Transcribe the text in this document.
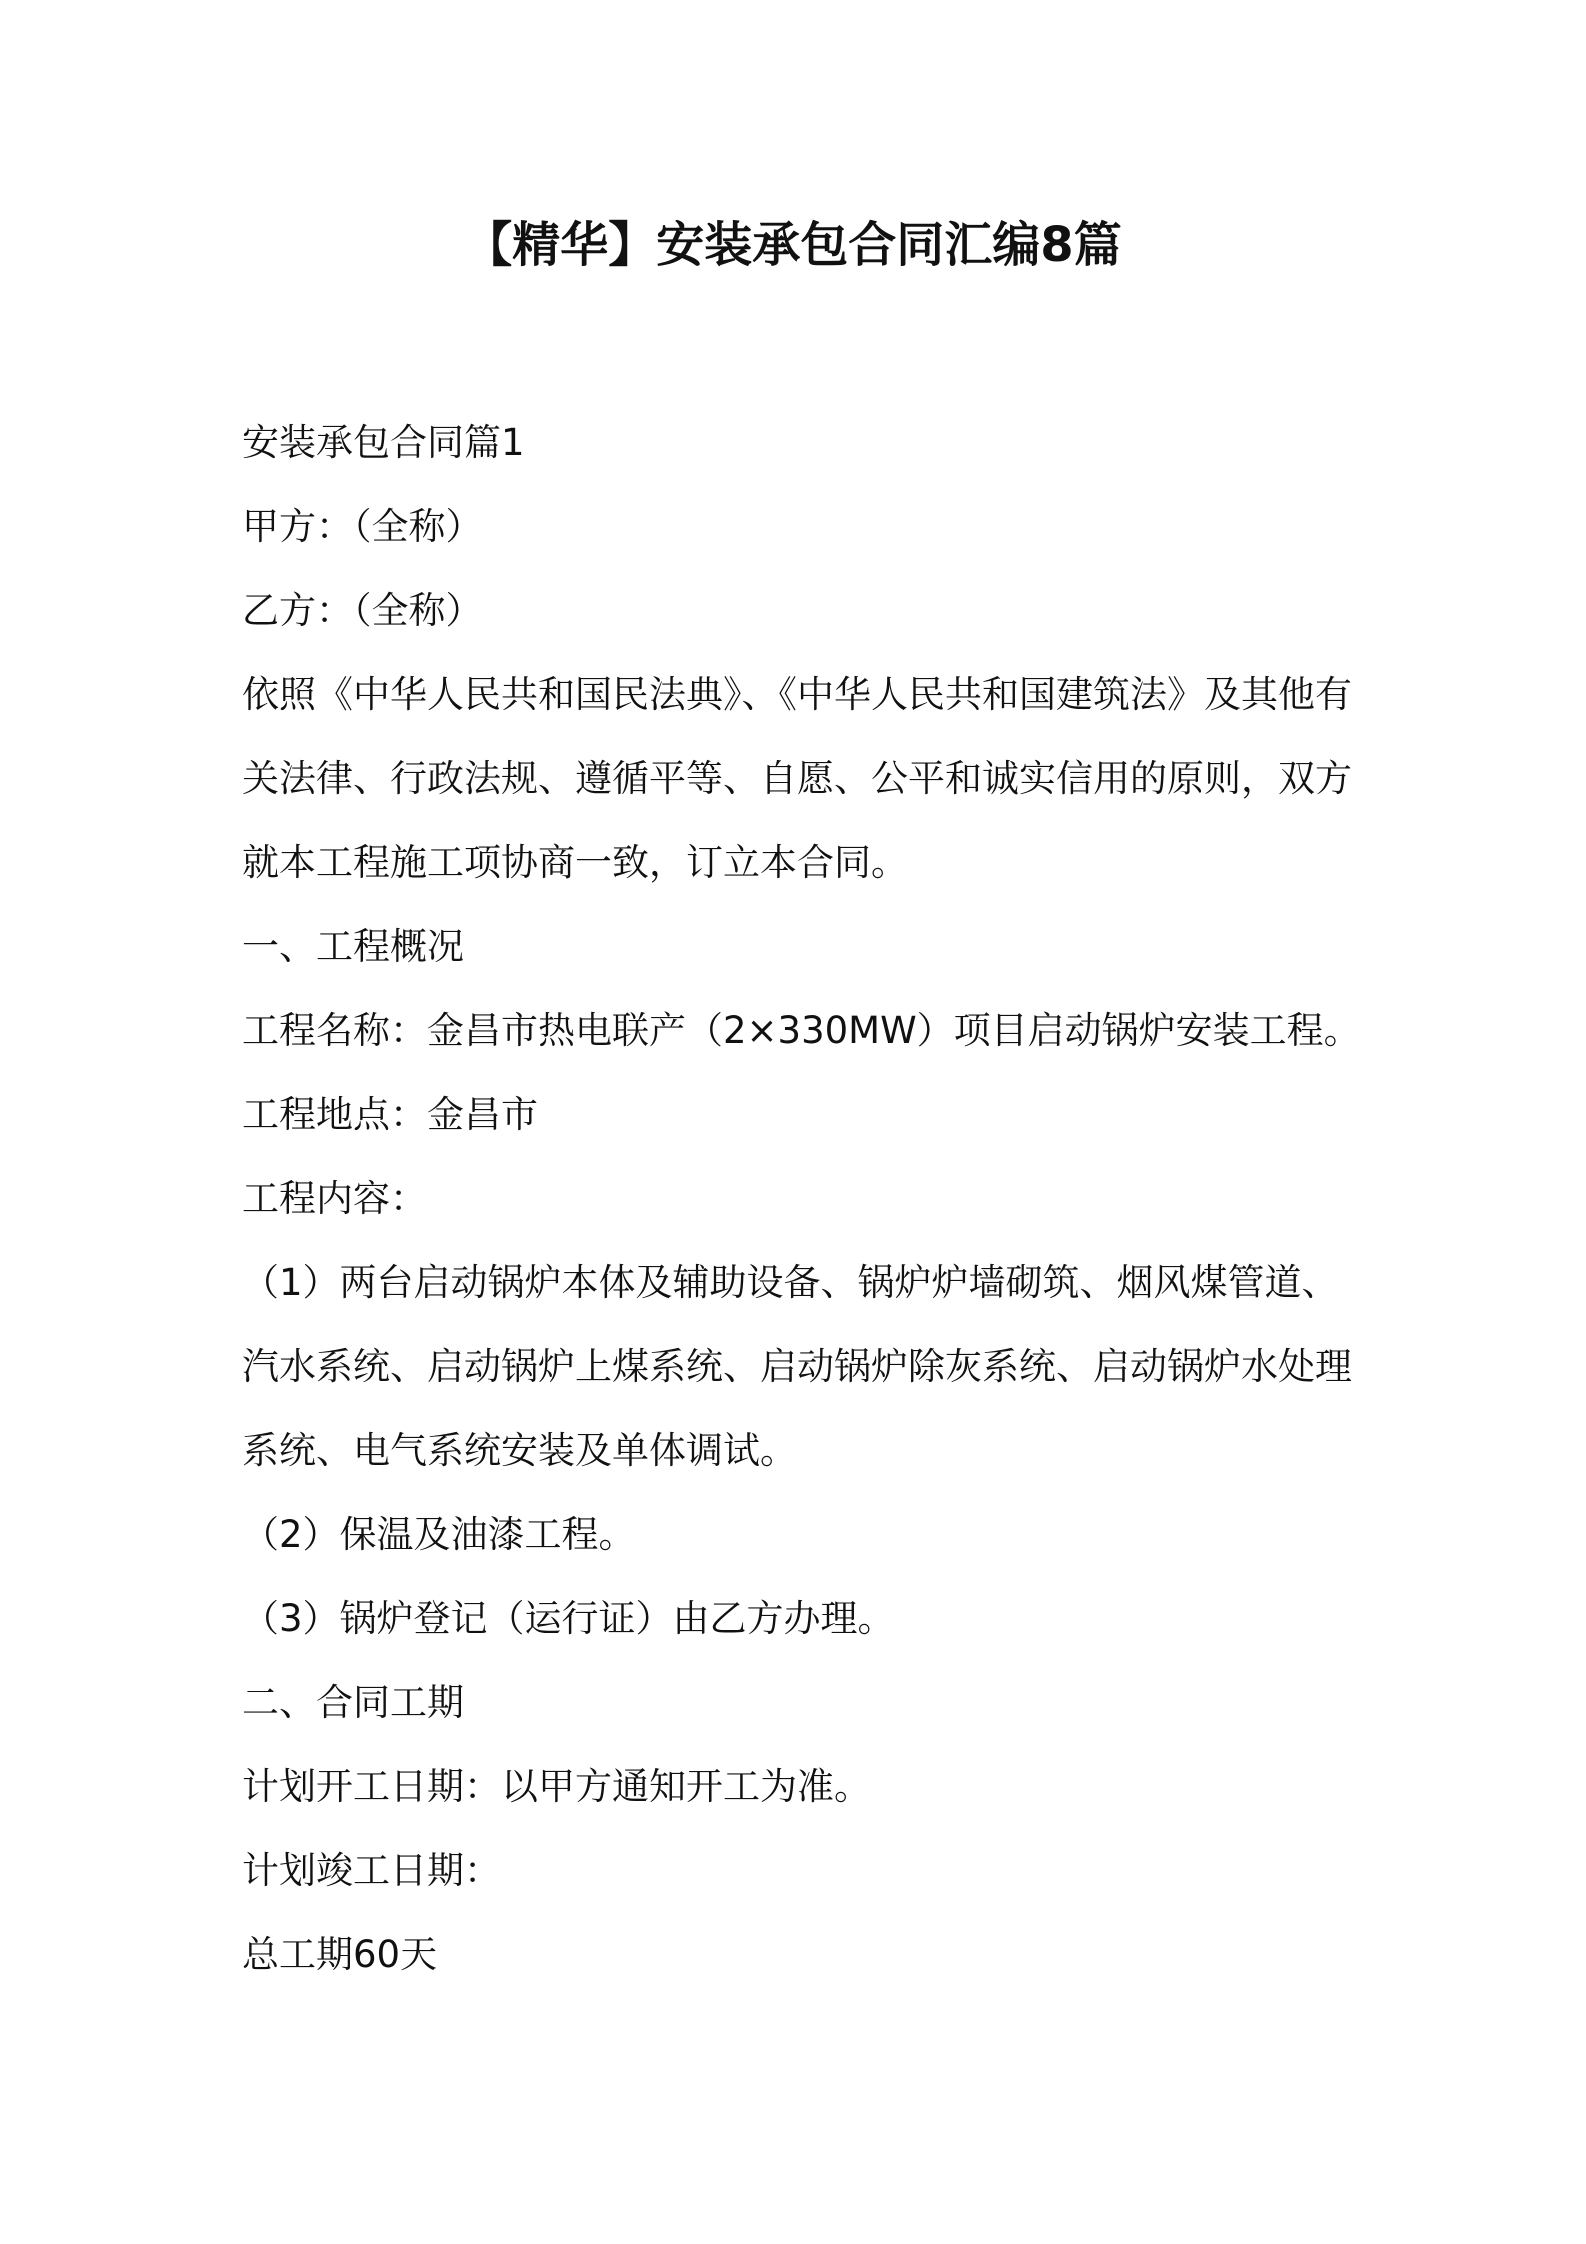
【精华】安装承包合同汇编8篇
安装承包合同篇1
甲方：（全称）
乙方：（全称）
依照《中华人民共和国民法典》、《中华人民共和国建筑法》及其他有
关法律、行政法规、遵循平等、自愿、公平和诚实信用的原则，双方
就本工程施工项协商一致，订立本合同。
一、工程概况
工程名称：金昌市热电联产（2×330MW）项目启动锅炉安装工程。
工程地点：金昌市
工程内容：
（1）两台启动锅炉本体及辅助设备、锅炉炉墙砌筑、烟风煤管道、
汽水系统、启动锅炉上煤系统、启动锅炉除灰系统、启动锅炉水处理
系统、电气系统安装及单体调试。
（2）保温及油漆工程。
（3）锅炉登记（运行证）由乙方办理。
二、合同工期
计划开工日期：以甲方通知开工为准。
计划竣工日期：
总工期60天
